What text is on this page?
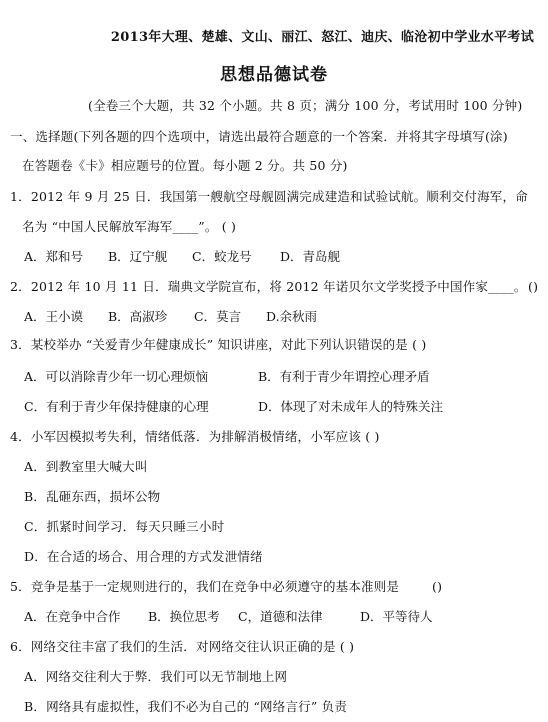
2013年大理、楚雄、文山、丽江、怒江、迪庆、临沧初中学业水平考试
思想品德试卷
(全卷三个大题，共 32 个小题。共 8 页；满分 100 分，考试用时 100 分钟)
一、选择题(下列各题的四个选项中，请选出最符合题意的一个答案．并将其字母填写(涂)
在答题卷《卡》相应题号的位置。每小题 2 分。共 50 分)
1．2012 年 9 月 25 日．我国第一艘航空母舰圆满完成建造和试验试航。顺利交付海军，命
名为 “中国人民解放军海军____”。 ( )
A．郑和号 B．辽宁舰 C．蛟龙号 D．青岛舰
2．2012 年 10 月 11 日．瑞典文学院宣布，将 2012 年诺贝尔文学奖授予中国作家____。 ()
A．王小谟 B．高淑珍 C．莫言 D.余秋雨
3．某校举办 “关爱青少年健康成长” 知识讲座，对此下列认识错误的是 ( )
A．可以消除青少年一切心理烦恼	B．有利于青少年谓控心理矛盾
C．有利于青少年保持健康的心理	D．体现了对未成年人的特殊关注
4．小军因模拟考失利，情绪低落．为排解消极情绪，小军应该 ( )
A．到教室里大喊大叫
B．乱砸东西，损坏公物
C．抓紧时间学习．每天只睡三小时
D．在合适的场合、用合理的方式发泄情绪
5．竞争是基于一定规则进行的，我们在竞争中必须遵守的基本准则是	()
A．在竞争中合作 B．换位思考 C，道德和法律	D．平等待人
6．网络交往丰富了我们的生活．对网络交往认识正确的是 ( )
A．网络交往利大于弊．我们可以无节制地上网
B．网络具有虚拟性，我们不必为自己的 “网络言行” 负责
